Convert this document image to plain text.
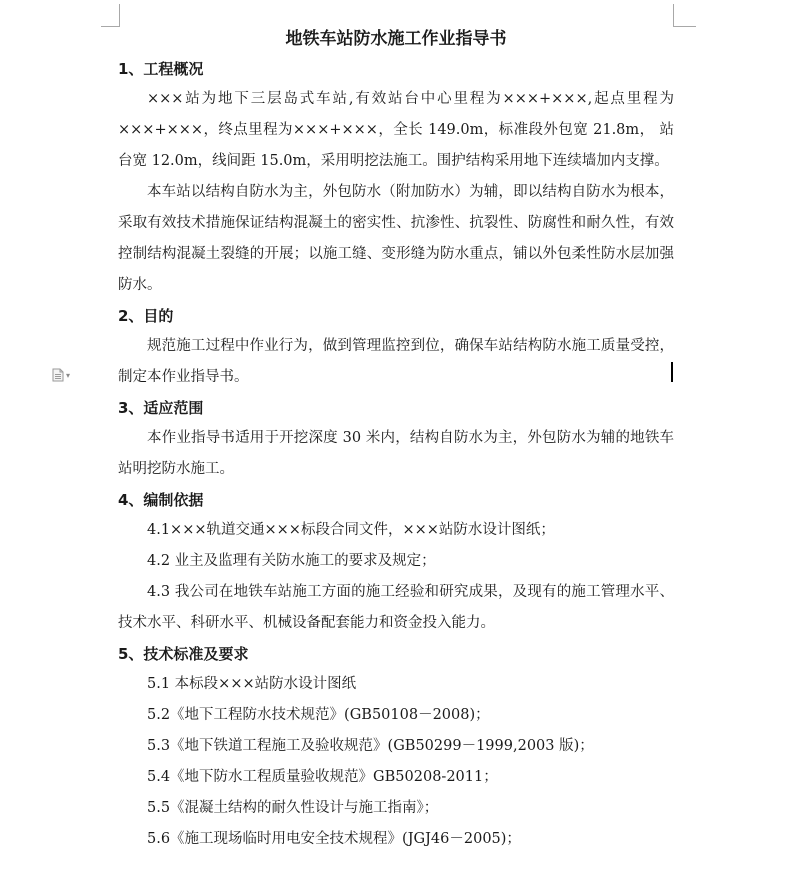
▾
地铁车站防水施工作业指导书
1、工程概况

×××站为地下三层岛式车站,有效站台中心里程为×××+×××,起点里程为×××+×××，终点里程为×××+×××，全长 149.0m，标准段外包宽 21.8m， 站台宽 12.0m，线间距 15.0m，采用明挖法施工。围护结构采用地下连续墙加内支撑。

本车站以结构自防水为主，外包防水（附加防水）为辅，即以结构自防水为根本，采取有效技术措施保证结构混凝土的密实性、抗渗性、抗裂性、防腐性和耐久性，有效控制结构混凝土裂缝的开展；以施工缝、变形缝为防水重点，铺以外包柔性防水层加强防水。

2、目的

规范施工过程中作业行为，做到管理监控到位，确保车站结构防水施工质量受控，制定本作业指导书。

3、适应范围

本作业指导书适用于开挖深度 30 米内，结构自防水为主，外包防水为辅的地铁车站明挖防水施工。

4、编制依据

4.1×××轨道交通×××标段合同文件，×××站防水设计图纸；

4.2 业主及监理有关防水施工的要求及规定；

4.3 我公司在地铁车站施工方面的施工经验和研究成果，及现有的施工管理水平、技术水平、科研水平、机械设备配套能力和资金投入能力。

5、技术标准及要求

5.1 本标段×××站防水设计图纸

5.2《地下工程防水技术规范》(GB50108－2008)；

5.3《地下铁道工程施工及验收规范》(GB50299－1999,2003 版)；

5.4《地下防水工程质量验收规范》GB50208-2011；

5.5《混凝土结构的耐久性设计与施工指南》；

5.6《施工现场临时用电安全技术规程》(JGJ46－2005)；
